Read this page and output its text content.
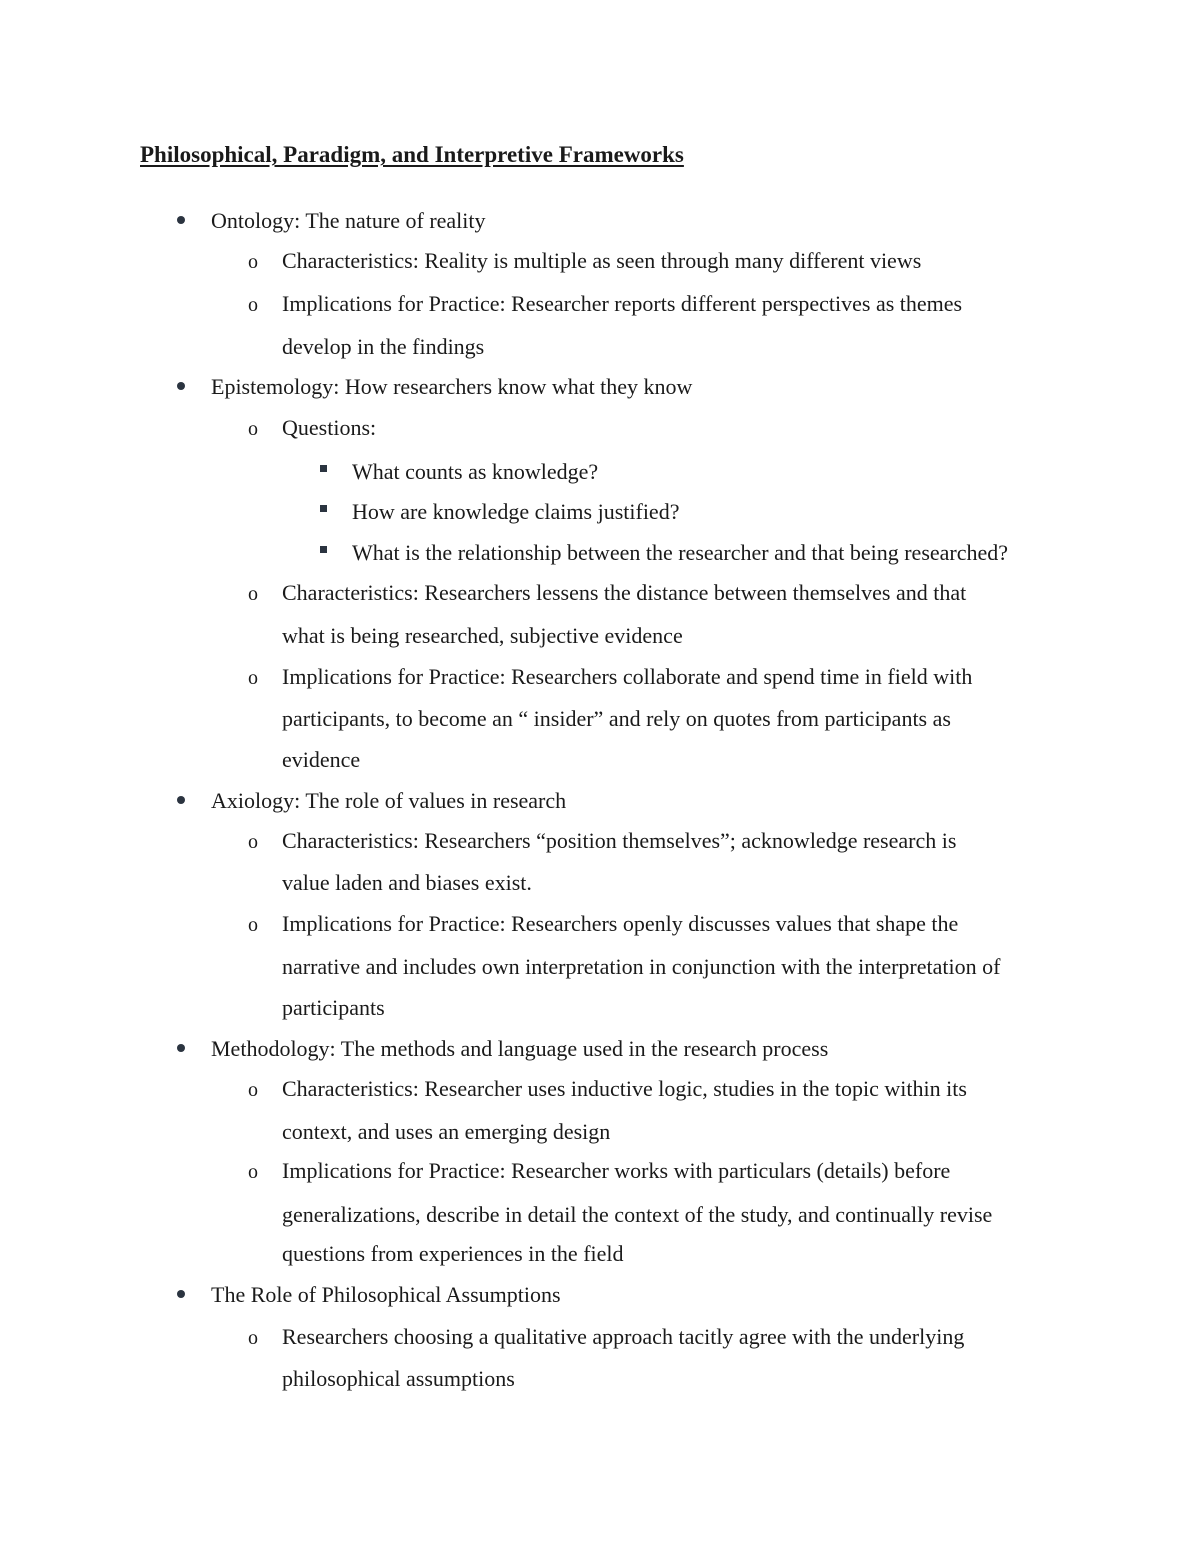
Philosophical, Paradigm, and Interpretive Frameworks

Ontology: The nature of reality

o Characteristics: Reality is multiple as seen through many different views

o Implications for Practice: Researcher reports different perspectives as themes

develop in the findings

Epistemology: How researchers know what they know

o Questions:

What counts as knowledge?

How are knowledge claims justified?

What is the relationship between the researcher and that being researched?

o Characteristics: Researchers lessens the distance between themselves and that

what is being researched, subjective evidence

o Implications for Practice: Researchers collaborate and spend time in field with

participants, to become an “ insider” and rely on quotes from participants as

evidence

Axiology: The role of values in research

o Characteristics: Researchers “position themselves”; acknowledge research is

value laden and biases exist.

o Implications for Practice: Researchers openly discusses values that shape the

narrative and includes own interpretation in conjunction with the interpretation of

participants

Methodology: The methods and language used in the research process

o Characteristics: Researcher uses inductive logic, studies in the topic within its

context, and uses an emerging design

o Implications for Practice: Researcher works with particulars (details) before

generalizations, describe in detail the context of the study, and continually revise

questions from experiences in the field

The Role of Philosophical Assumptions

o Researchers choosing a qualitative approach tacitly agree with the underlying

philosophical assumptions
